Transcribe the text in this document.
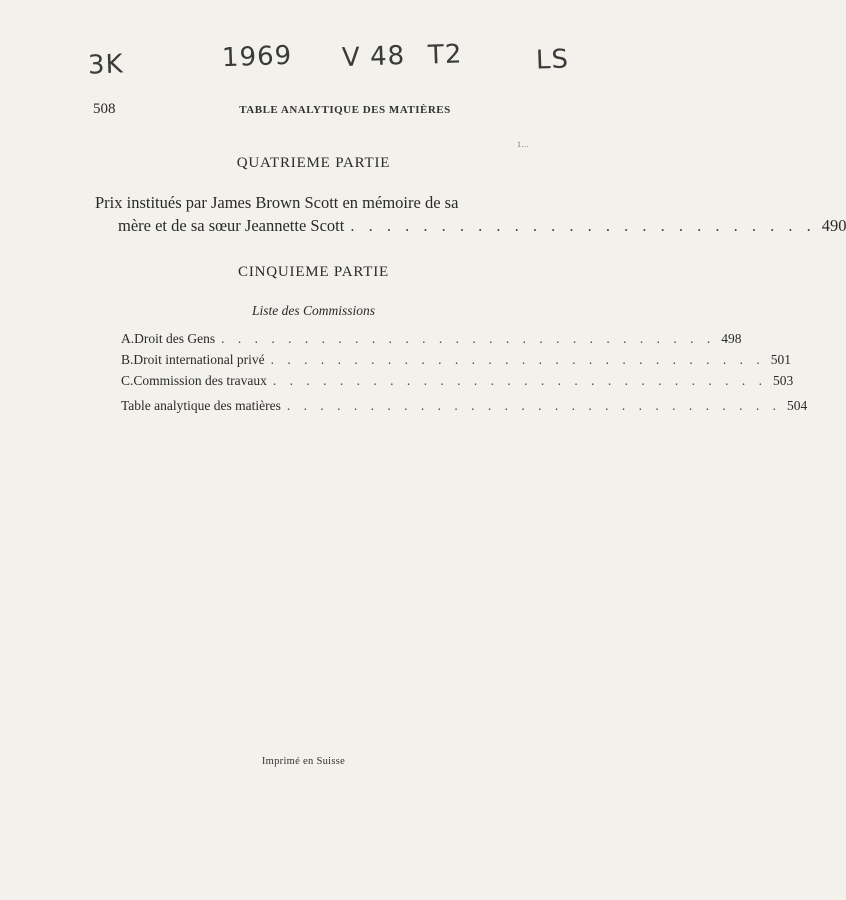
3K	1969 V 48 T2	LS
508	TABLE ANALYTIQUE DES MATIÈRES
1…
QUATRIEME PARTIE
Prix institués par James Brown Scott en mémoire de sa
mère et de sa sœur Jeannette Scott . . . . . . . . . . . . . . . . . . . . . . . . . . 490
CINQUIEME PARTIE
Liste des Commissions
A. Droit des Gens . . . . . . . . . . . . . . . . . . . . . . . . . . . . . . 498
B. Droit international privé . . . . . . . . . . . . . . . . . . . . . . . . . . . . . . 501
C. Commission des travaux . . . . . . . . . . . . . . . . . . . . . . . . . . . . . . 503
Table analytique des matières . . . . . . . . . . . . . . . . . . . . . . . . . . . . . . 504
Imprimé en Suisse
